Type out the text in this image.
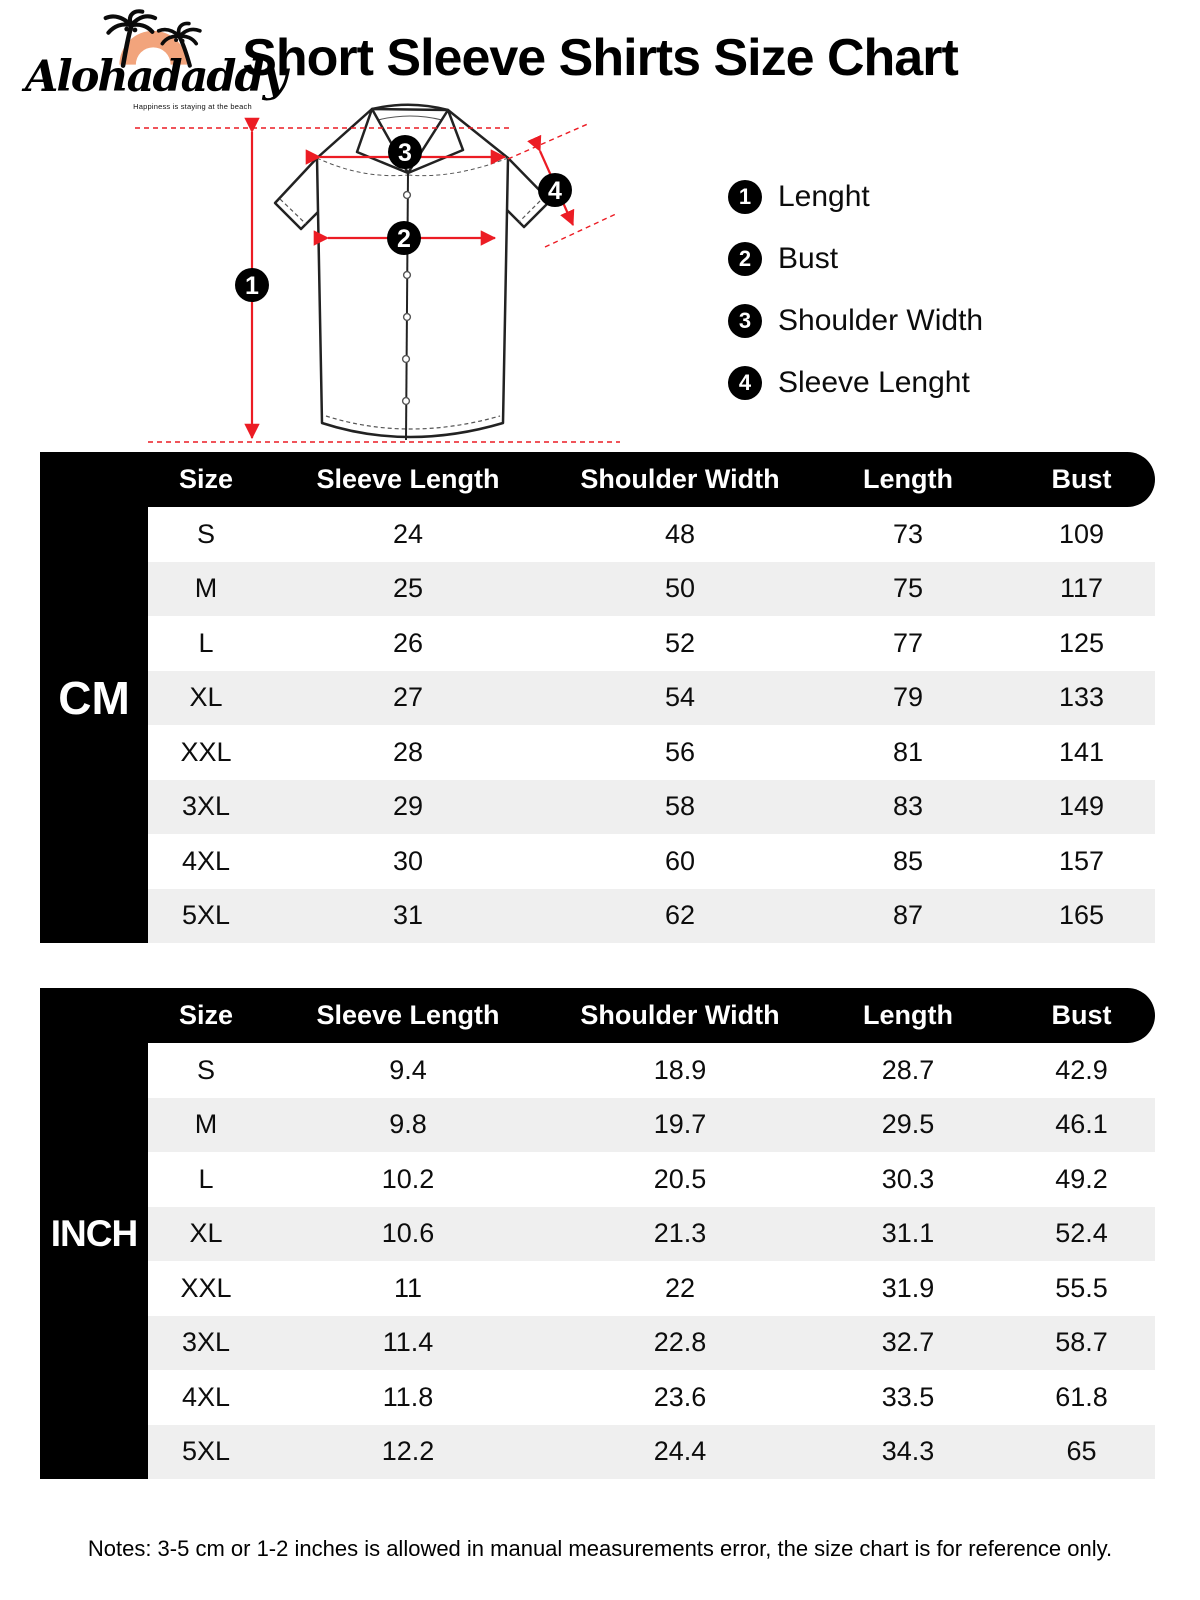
Alohadaddy
Happiness is staying at the beach
Short Sleeve Shirts Size Chart
1
2
3
4	1 Lenght
2 Bust
3 Shoulder Width
4 Sleeve Lenght
Size	Sleeve Length	Shoulder Width	Length	Bust
CM
S	24	48	73	109
M	25	50	75	117
L	26	52	77	125
XL	27	54	79	133
XXL	28	56	81	141
3XL	29	58	83	149
4XL	30	60	85	157
5XL	31	62	87	165
Size	Sleeve Length	Shoulder Width	Length	Bust
INCH
S	9.4	18.9	28.7	42.9
M	9.8	19.7	29.5	46.1
L	10.2	20.5	30.3	49.2
XL	10.6	21.3	31.1	52.4
XXL	11	22	31.9	55.5
3XL	11.4	22.8	32.7	58.7
4XL	11.8	23.6	33.5	61.8
5XL	12.2	24.4	34.3	65
Notes: 3-5 cm or 1-2 inches is allowed in manual measurements error, the size chart is for reference only.
